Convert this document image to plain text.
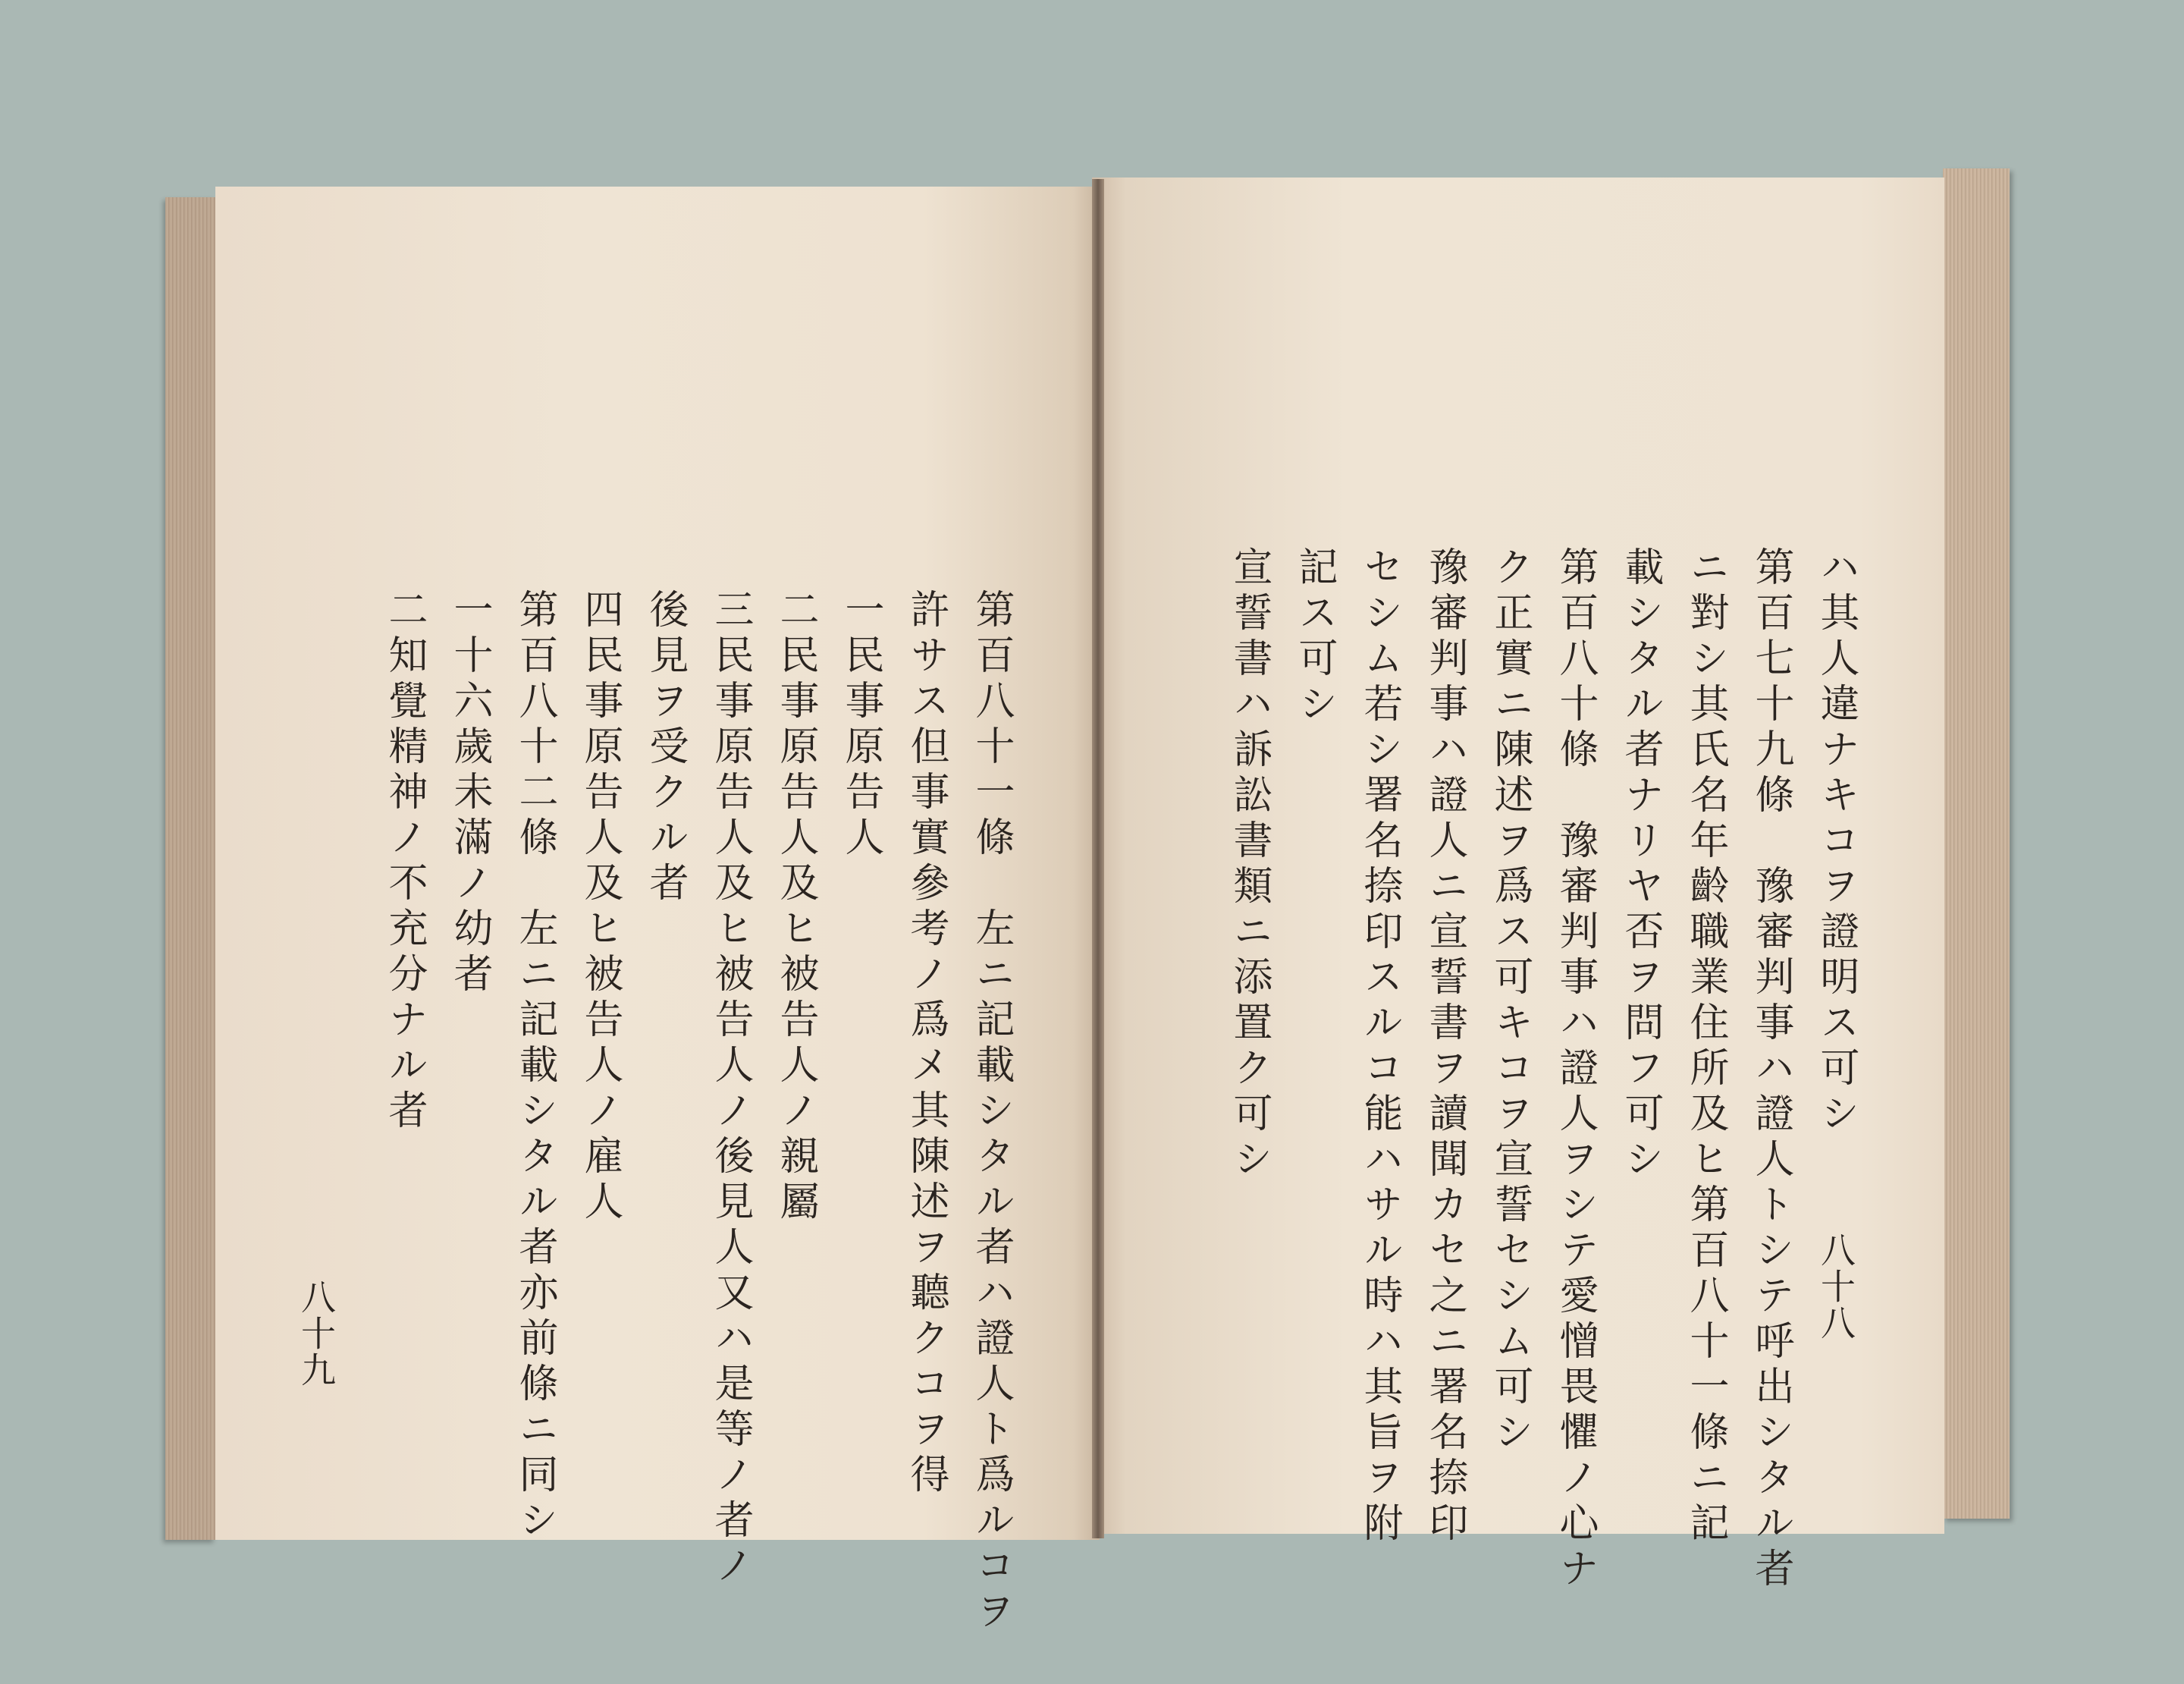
第百八十一條　左ニ記載シタル者ハ證人ト爲ルコヲ
許サス但事實參考ノ爲メ其陳述ヲ聽クコヲ得
一民事原告人
二民事原告人及ヒ被告人ノ親屬
三民事原告人及ヒ被告人ノ後見人又ハ是等ノ者ノ
後見ヲ受クル者
四民事原告人及ヒ被告人ノ雇人
第百八十二條　左ニ記載シタル者亦前條ニ同シ
一十六歲未滿ノ幼者
二知覺精神ノ不充分ナル者
八十九
ハ其人違ナキコヲ證明ス可シ
第百七十九條　豫審判事ハ證人トシテ呼出シタル者
ニ對シ其氏名年齡職業住所及ヒ第百八十一條ニ記
載シタル者ナリヤ否ヲ問フ可シ
第百八十條　豫審判事ハ證人ヲシテ愛憎畏懼ノ心ナ
ク正實ニ陳述ヲ爲ス可キコヲ宣誓セシム可シ
豫審判事ハ證人ニ宣誓書ヲ讀聞カセ之ニ署名捺印
セシム若シ署名捺印スルコ能ハサル時ハ其旨ヲ附
記ス可シ
宣誓書ハ訴訟書類ニ添置ク可シ
八十八
